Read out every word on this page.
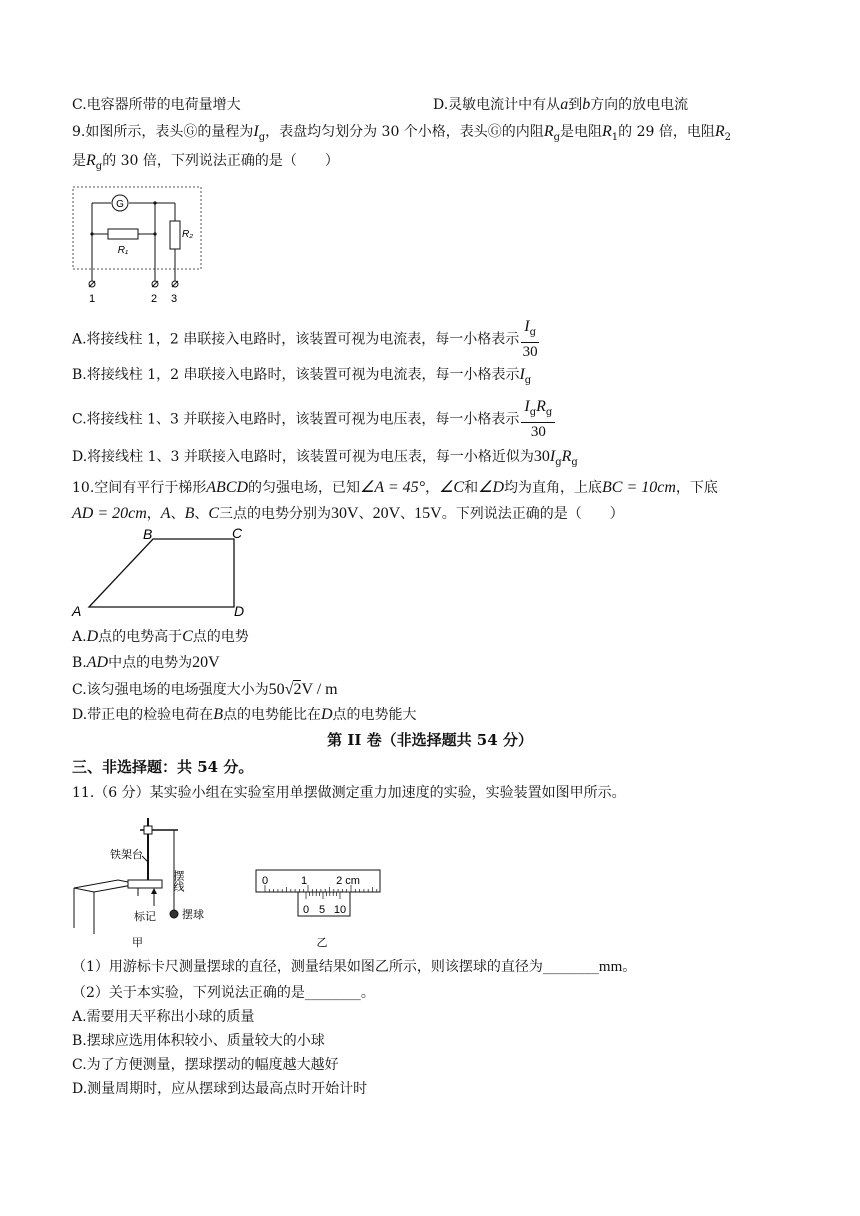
C.电容器所带的电荷量增大	D.灵敏电流计中有从a到b方向的放电电流
9.如图所示，表头Ⓖ的量程为$I_g$，表盘均匀划分为 30 个小格，表头Ⓖ的内阻$R_g$是电阻$R_1$的 29 倍，电阻$R_2$
是$R_g$的 30 倍，下列说法正确的是（　　）
G
R₁
R₂
1	2 3
A.将接线柱 1，2 串联接入电路时，该装置可视为电流表，每一小格表示 $\frac{I_g}{30}$
B.将接线柱 1，2 串联接入电路时，该装置可视为电流表，每一小格表示$I_g$
C.将接线柱 1、3 并联接入电路时，该装置可视为电压表，每一小格表示 $\frac{I_gR_g}{30}$
D.将接线柱 1、3 并联接入电路时，该装置可视为电压表，每一小格近似为$30I_gR_g$
10.空间有平行于梯形ABCD的匀强电场，已知∠A = 45°，∠C和∠D均为直角，上底BC = 10cm，下底
AD = 20cm，A、B、C三点的电势分别为30V、20V、15V。下列说法正确的是（　　）
A
B	C
D
A.D点的电势高于C点的电势
B.AD中点的电势为20V
C.该匀强电场的电场强度大小为50√2V / m
D.带正电的检验电荷在B点的电势能比在D点的电势能大
第 II 卷（非选择题共 54 分）
三、非选择题：共 54 分。
11.（6 分）某实验小组在实验室用单摆做测定重力加速度的实验，实验装置如图甲所示。
铁架台
摆线
标记 摆球
甲
0	1	2 cm
0 5 10
乙
（1）用游标卡尺测量摆球的直径，测量结果如图乙所示，则该摆球的直径为________mm。
（2）关于本实验，下列说法正确的是________。
A.需要用天平称出小球的质量
B.摆球应选用体积较小、质量较大的小球
C.为了方便测量，摆球摆动的幅度越大越好
D.测量周期时，应从摆球到达最高点时开始计时
